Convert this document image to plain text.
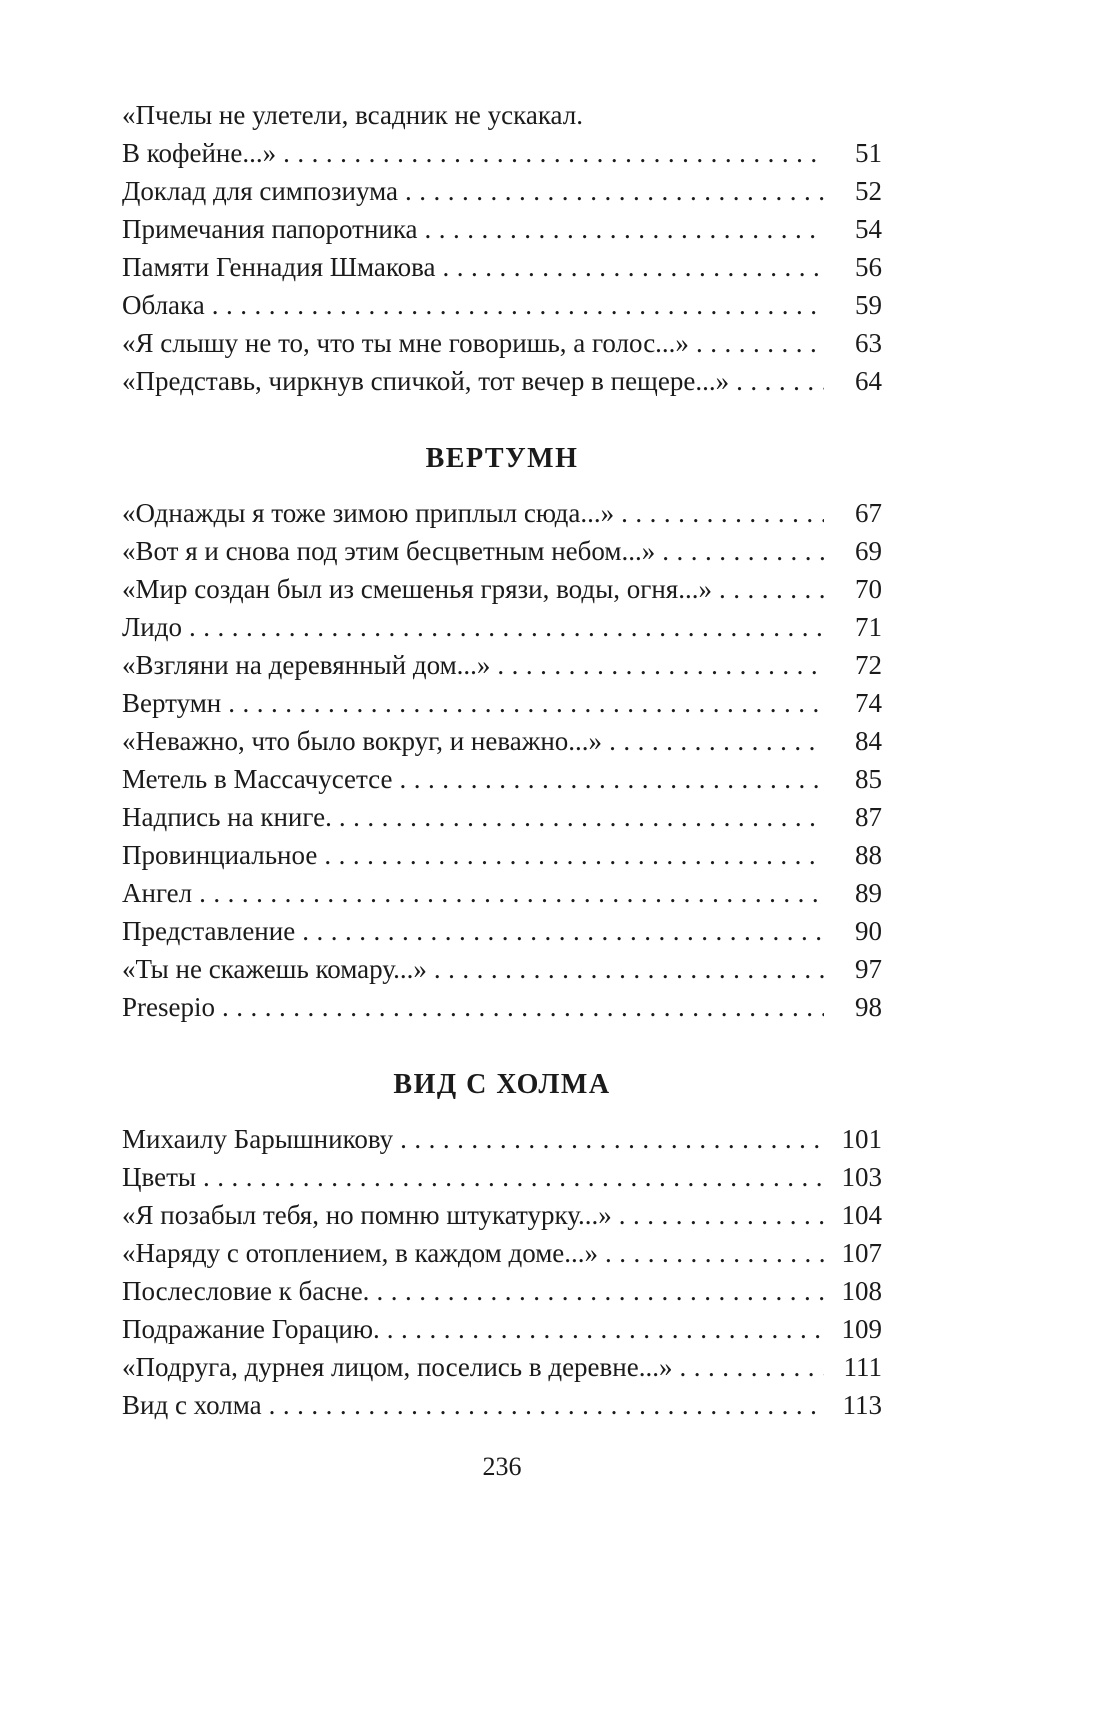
«Пчелы не улетели, всадник не ускакал.
В кофейне...» .....	51
Доклад для симпозиума .....	52
Примечания папоротника .....	54
Памяти Геннадия Шмакова .....	56
Облака .....	59
«Я слышу не то, что ты мне говоришь, а голос...» .....	63
«Представь, чиркнув спичкой, тот вечер в пещере...» .....	64
ВЕРТУМН
«Однажды я тоже зимою приплыл сюда...» .....	67
«Вот я и снова под этим бесцветным небом...» .....	69
«Мир создан был из смешенья грязи, воды, огня...» .....	70
Лидо .....	71
«Взгляни на деревянный дом...» .....	72
Вертумн .....	74
«Неважно, что было вокруг, и неважно...» .....	84
Метель в Массачусетсе .....	85
Надпись на книге. .....	87
Провинциальное .....	88
Ангел .....	89
Представление .....	90
«Ты не скажешь комару...» .....	97
Presepio .....	98
ВИД С ХОЛМА
Михаилу Барышникову .....	101
Цветы .....	103
«Я позабыл тебя, но помню штукатурку...» .....	104
«Наряду с отоплением, в каждом доме...» .....	107
Послесловие к басне. .....	108
Подражание Горацию. .....	109
«Подруга, дурнея лицом, поселись в деревне...» .....	111
Вид с холма .....	113
236
